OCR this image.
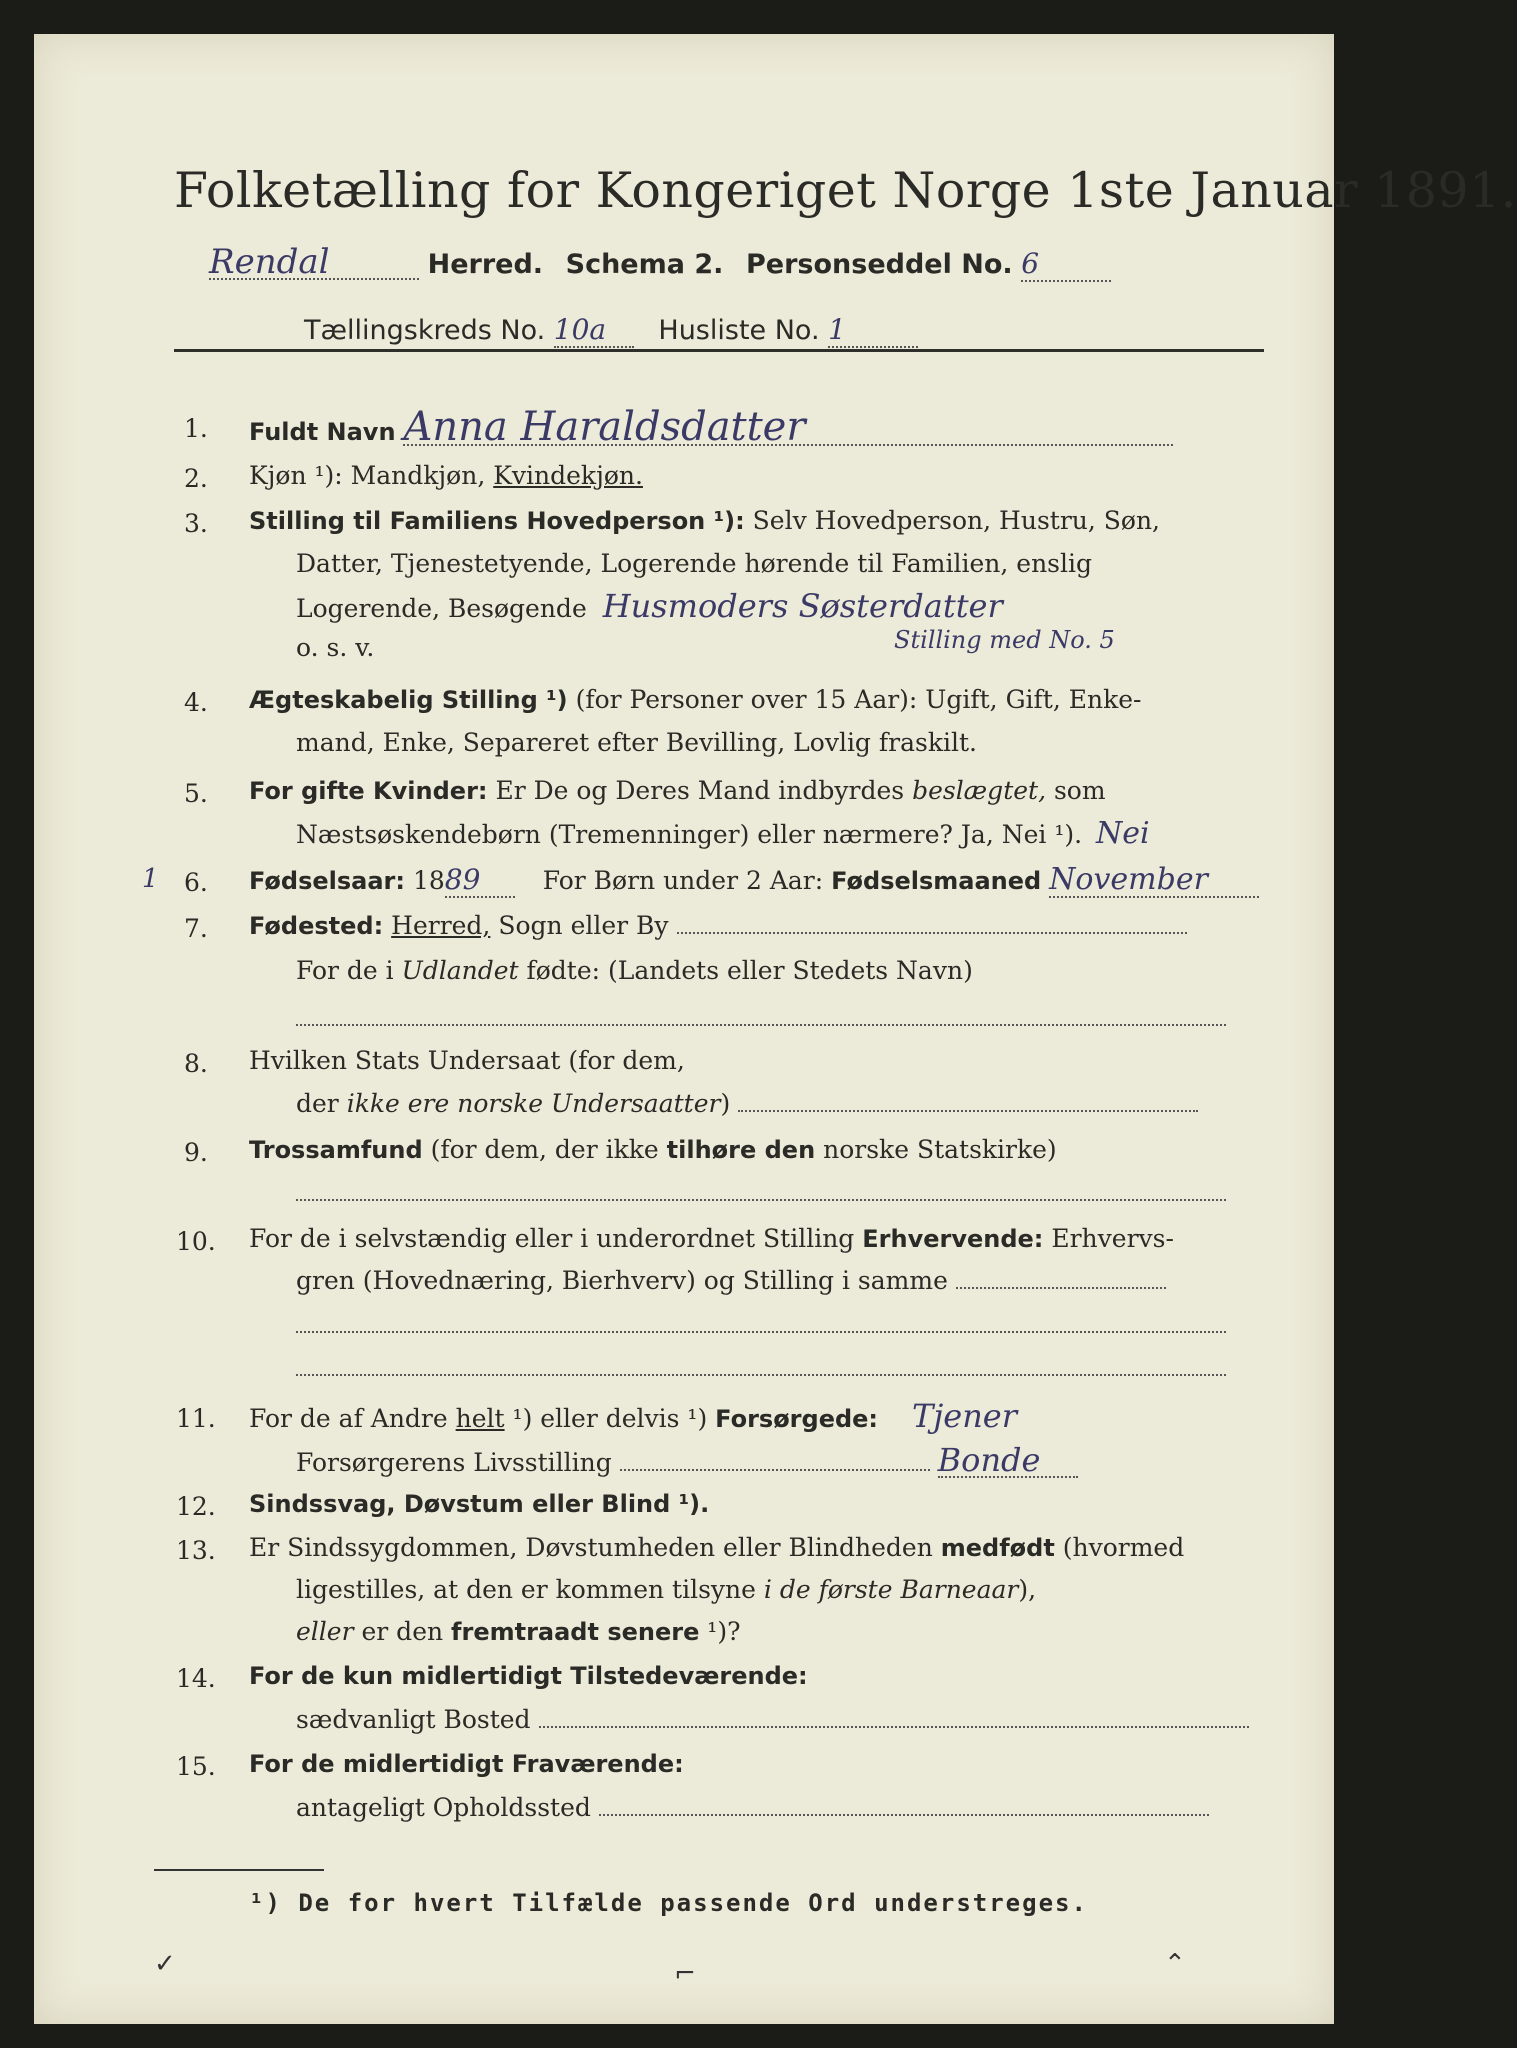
Folketælling for Kongeriget Norge 1ste Januar 1891.
Rendal	Herred. Schema 2. Personseddel No. 6
Tællingskreds No. 10a Husliste No. 1
1. Fuldt Navn Anna Haraldsdatter
2. Kjøn ¹): Mandkjøn, Kvindekjøn.
3. Stilling til Familiens Hovedperson ¹): Selv Hovedperson, Hustru, Søn,
Datter, Tjenestetyende, Logerende hørende til Familien, enslig
Logerende, Besøgende Husmoders Søsterdatter
o. s. v.	Stilling med No. 5
4. Ægteskabelig Stilling ¹) (for Personer over 15 Aar): Ugift, Gift, Enke-
mand, Enke, Separeret efter Bevilling, Lovlig fraskilt.
5. For gifte Kvinder: Er De og Deres Mand indbyrdes beslægtet, som
Næstsøskendebørn (Tremenninger) eller nærmere? Ja, Nei ¹). Nei
1 6. Fødselsaar: 1889 For Børn under 2 Aar: Fødselsmaaned November
7. Fødested: Herred, Sogn eller By
For de i Udlandet fødte: (Landets eller Stedets Navn)
8. Hvilken Stats Undersaat (for dem,
der ikke ere norske Undersaatter)
9. Trossamfund (for dem, der ikke tilhøre den norske Statskirke)
10. For de i selvstændig eller i underordnet Stilling Erhvervende: Erhvervs-
gren (Hovednæring, Bierhverv) og Stilling i samme
11. For de af Andre helt ¹) eller delvis ¹) Forsørgede: Tjener
Forsørgerens Livsstilling	Bonde
12. Sindssvag, Døvstum eller Blind ¹).
13. Er Sindssygdommen, Døvstumheden eller Blindheden medfødt (hvormed
ligestilles, at den er kommen tilsyne i de første Barneaar),
eller er den fremtraadt senere ¹)?
14. For de kun midlertidigt Tilstedeværende:
sædvanligt Bosted
15. For de midlertidigt Fraværende:
antageligt Opholdssted
¹) De for hvert Tilfælde passende Ord understreges.
✓	⌐	⌃
